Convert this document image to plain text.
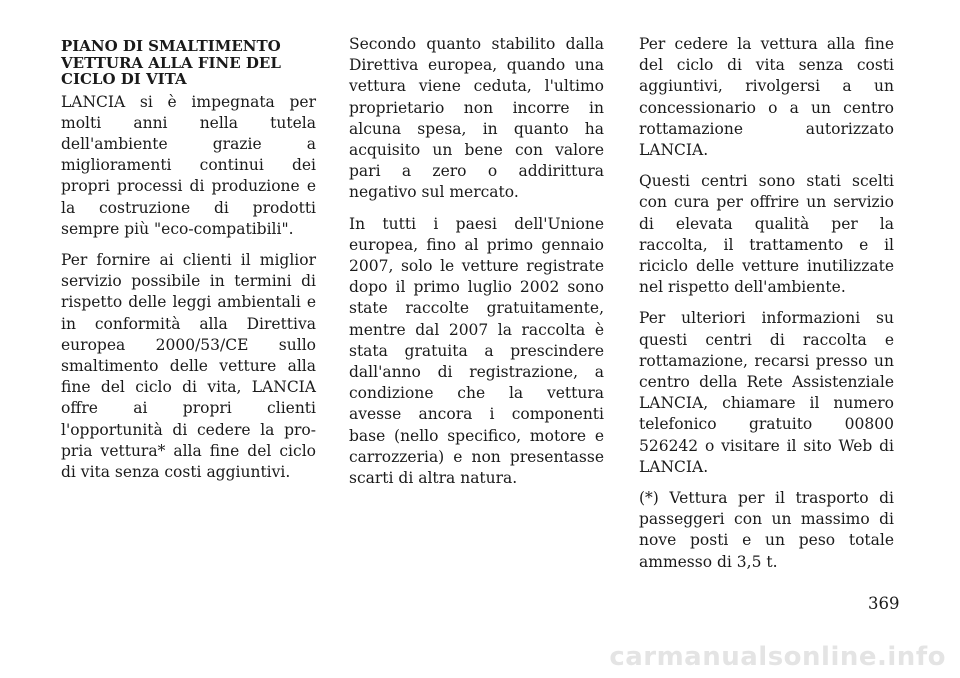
PIANO DI SMALTIMENTO
VETTURA ALLA FINE DEL
CICLO DI VITA

LANCIA si è impegnata per molti anni nella tutela dell'ambiente grazie a miglioramenti continui dei propri processi di produzione e la costruzione di prodotti sempre più "eco-compatibili".

Per fornire ai clienti il miglior servizio possibile in termini di rispetto delle leggi ambientali e in conformità alla Direttiva europea 2000/53/CE sullo smaltimento delle vetture alla fine del ciclo di vita, LANCIA offre ai propri clienti l'opportunità di cedere la propria vettura* alla fine del ciclo di vita senza costi aggiuntivi.

Secondo quanto stabilito dalla Direttiva europea, quando una vettura viene ceduta, l'ultimo proprietario non incorre in alcuna spesa, in quanto ha acquisito un bene con valore pari a zero o addirittura negativo sul mercato.

In tutti i paesi dell'Unione europea, fino al primo gennaio 2007, solo le vetture registrate dopo il primo luglio 2002 sono state raccolte gratuitamente, mentre dal 2007 la raccolta è stata gratuita a prescindere dall'anno di registrazione, a condizione che la vettura avesse ancora i componenti base (nello specifico, motore e carrozzeria) e non presentasse scarti di altra natura.

Per cedere la vettura alla fine del ciclo di vita senza costi aggiuntivi, rivolgersi a un concessionario o a un centro rottamazione autorizzato LANCIA.

Questi centri sono stati scelti con cura per offrire un servizio di elevata qualità per la raccolta, il trattamento e il riciclo delle vetture inutilizzate nel rispetto dell'ambiente.

Per ulteriori informazioni su questi centri di raccolta e rottamazione, recarsi presso un centro della Rete Assistenziale LANCIA, chiamare il numero telefonico gratuito 00800 526242 o visitare il sito Web di LANCIA.

(*) Vettura per il trasporto di passeggeri con un massimo di nove posti e un peso totale ammesso di 3,5 t.

369
carmanualsonline.info
